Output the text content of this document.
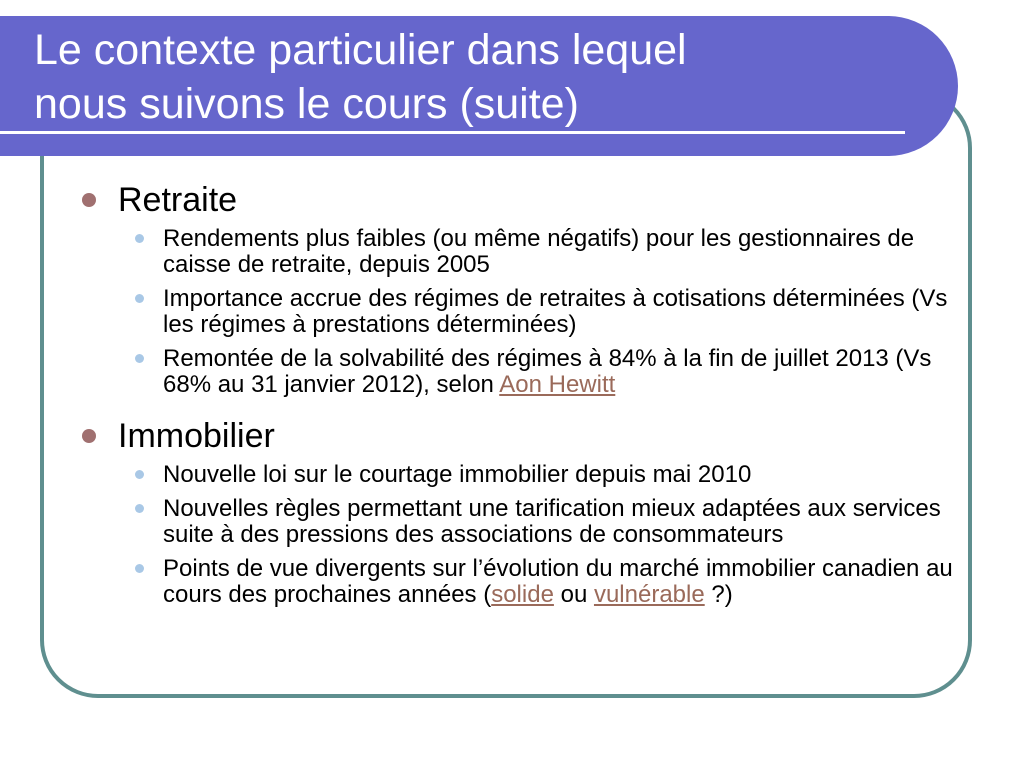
Le contexte particulier dans lequel
nous suivons le cours (suite)
Retraite
Rendements plus faibles (ou même négatifs) pour les gestionnaires de caisse de retraite, depuis 2005
Importance accrue des régimes de retraites à cotisations déterminées (Vs les régimes à prestations déterminées)
Remontée de la solvabilité des régimes à 84% à la fin de juillet 2013 (Vs 68% au 31 janvier 2012), selon Aon Hewitt
Immobilier
Nouvelle loi sur le courtage immobilier depuis mai 2010
Nouvelles règles permettant une tarification mieux adaptées aux services suite à des pressions des associations de consommateurs
Points de vue divergents sur l’évolution du marché immobilier canadien au cours des prochaines années (solide ou vulnérable ?)
